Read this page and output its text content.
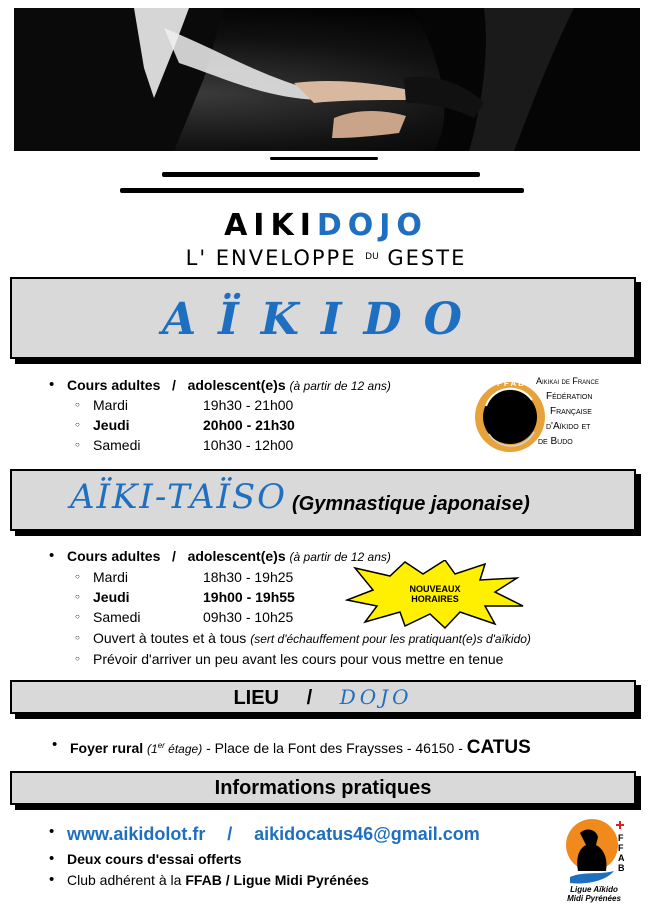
AIKIDOJO
L' ENVELOPPE $^{DU}$ GESTE
AÏKIDO
• Cours adultes   /   adolescent(e)s (à partir de 12 ans)
Mardi	19h30 - 21h00
Jeudi	20h00 - 21h30
Samedi	10h30 - 12h00
FFAB Aikikai de France
Fédération
Française
d'Aïkido et
de Budo
AÏKI-TAÏSO (Gymnastique japonaise)
• Cours adultes   /   adolescent(e)s (à partir de 12 ans)
Mardi	18h30 - 19h25
Jeudi	19h00 - 19h55
Samedi	09h30 - 10h25
○ Ouvert à toutes et à tous (sert d'échauffement pour les pratiquant(e)s d'aïkido)
○ Prévoir d'arriver un peu avant les cours pour vous mettre en tenue
NOUVEAUX
HORAIRES
LIEU / DOJO
• Foyer rural (1er étage) - Place de la Font des Fraysses - 46150 - CATUS
Informations pratiques
• www.aikidolot.fr / aikidocatus46@gmail.com
• Deux cours d'essai offerts
• Club adhérent à la FFAB / Ligue Midi Pyrénées
FFAB
Ligue Aïkido
Midi Pyrénées
